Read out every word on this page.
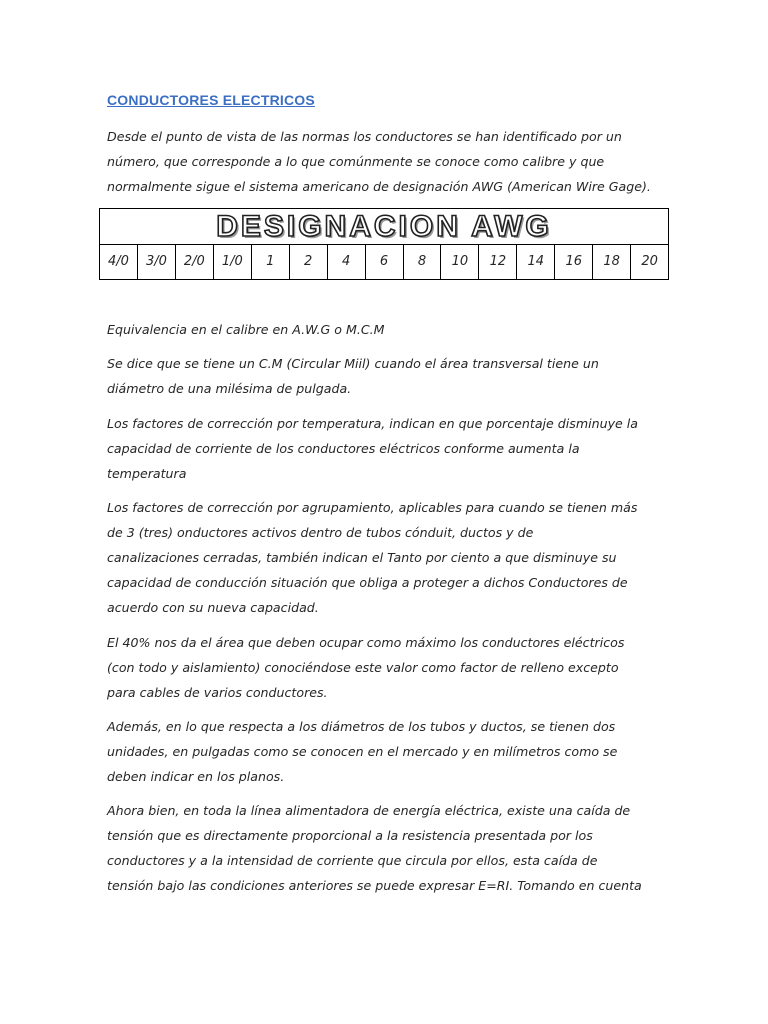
CONDUCTORES ELECTRICOS
Desde el punto de vista de las normas los conductores se han identificado por un
número, que corresponde a lo que comúnmente se conoce como calibre y que
normalmente sigue el sistema americano de designación AWG (American Wire Gage).
DESIGNACION AWG
4/0	3/0	2/0	1/0	1	2	4	6	8	10	12	14	16	18	20
Equivalencia en el calibre en A.W.G o M.C.M
Se dice que se tiene un C.M (Circular Miil) cuando el área transversal tiene un
diámetro de una milésima de pulgada.
Los factores de corrección por temperatura, indican en que porcentaje disminuye la
capacidad de corriente de los conductores eléctricos conforme aumenta la
temperatura
Los factores de corrección por agrupamiento, aplicables para cuando se tienen más
de 3 (tres) onductores activos dentro de tubos cónduit, ductos y de
canalizaciones cerradas, también indican el Tanto por ciento a que disminuye su
capacidad de conducción situación que obliga a proteger a dichos Conductores de
acuerdo con su nueva capacidad.
El 40% nos da el área que deben ocupar como máximo los conductores eléctricos
(con todo y aislamiento) conociéndose este valor como factor de relleno excepto
para cables de varios conductores.
Además, en lo que respecta a los diámetros de los tubos y ductos, se tienen dos
unidades, en pulgadas como se conocen en el mercado y en milímetros como se
deben indicar en los planos.
Ahora bien, en toda la línea alimentadora de energía eléctrica, existe una caída de
tensión que es directamente proporcional a la resistencia presentada por los
conductores y a la intensidad de corriente que circula por ellos, esta caída de
tensión bajo las condiciones anteriores se puede expresar E=RI. Tomando en cuenta
